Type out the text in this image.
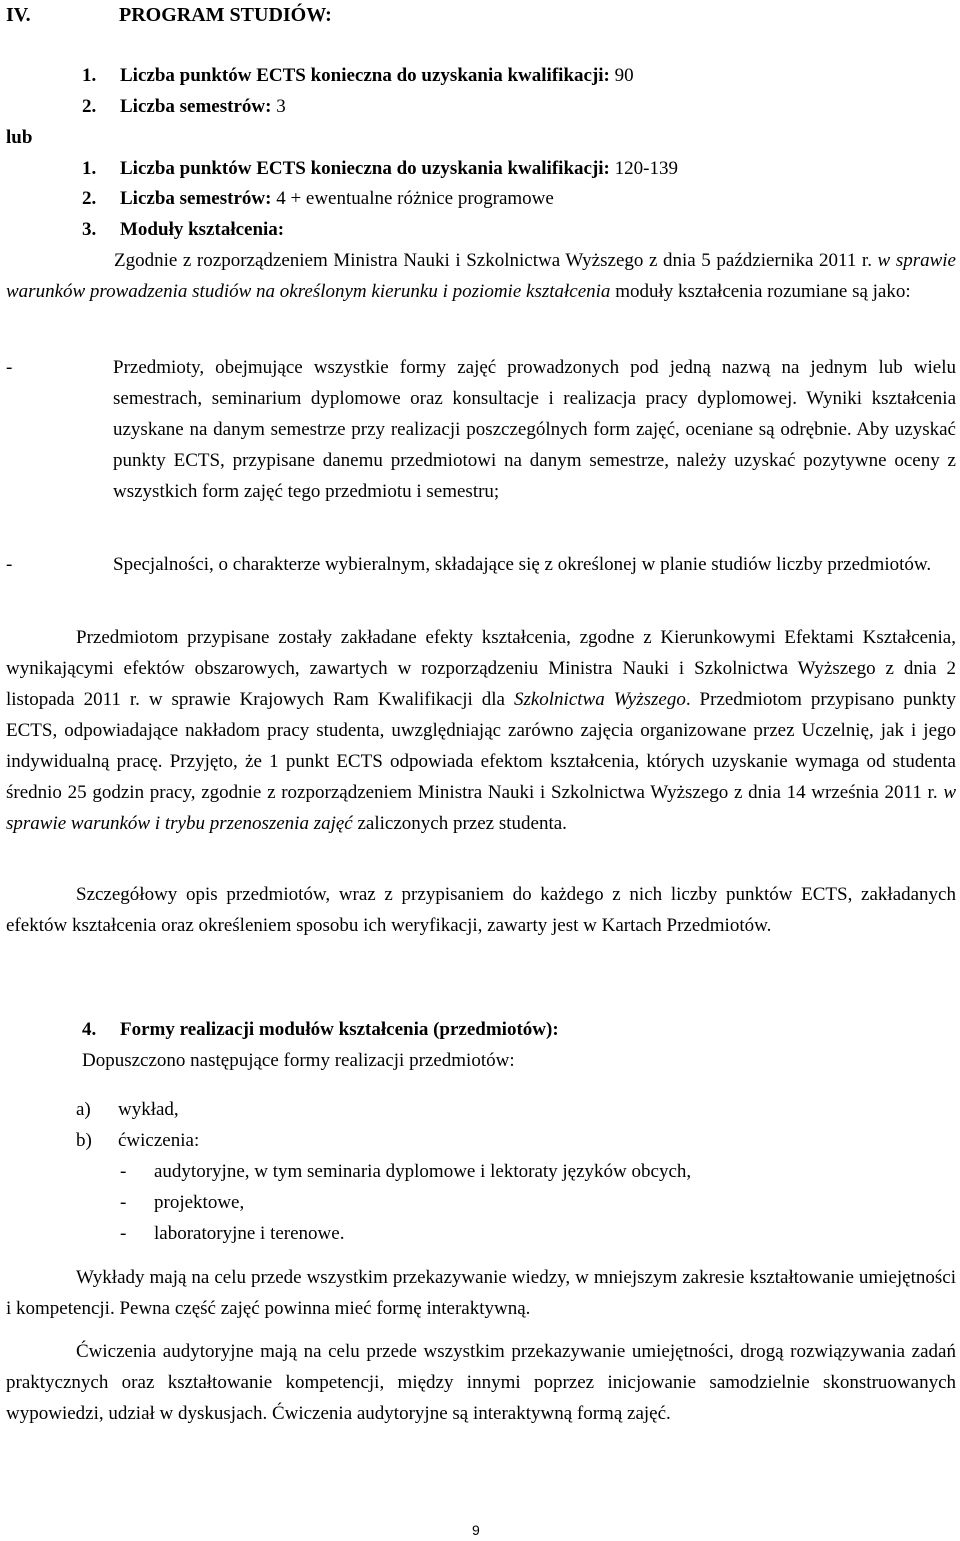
IV.	PROGRAM STUDIÓW:
1. Liczba punktów ECTS konieczna do uzyskania kwalifikacji: 90
2. Liczba semestrów: 3
lub
1. Liczba punktów ECTS konieczna do uzyskania kwalifikacji: 120-139
2. Liczba semestrów: 4 + ewentualne różnice programowe
3. Moduły kształcenia:

Zgodnie z rozporządzeniem Ministra Nauki i Szkolnictwa Wyższego z dnia 5 października 2011 r. w sprawie warunków prowadzenia studiów na określonym kierunku i poziomie kształcenia moduły kształcenia rozumiane są jako:

-	Przedmioty, obejmujące wszystkie formy zajęć prowadzonych pod jedną nazwą na jednym lub wielu semestrach, seminarium dyplomowe oraz konsultacje i realizacja pracy dyplomowej. Wyniki kształcenia uzyskane na danym semestrze przy realizacji poszczególnych form zajęć, oceniane są odrębnie. Aby uzyskać punkty ECTS, przypisane danemu przedmiotowi na danym semestrze, należy uzyskać pozytywne oceny z wszystkich form zajęć tego przedmiotu i semestru;
-	Specjalności, o charakterze wybieralnym, składające się z określonej w planie studiów liczby przedmiotów.

Przedmiotom przypisane zostały zakładane efekty kształcenia, zgodne z Kierunkowymi Efektami Kształcenia, wynikającymi efektów obszarowych, zawartych w rozporządzeniu Ministra Nauki i Szkolnictwa Wyższego z dnia 2 listopada 2011 r. w sprawie Krajowych Ram Kwalifikacji dla Szkolnictwa Wyższego. Przedmiotom przypisano punkty ECTS, odpowiadające nakładom pracy studenta, uwzględniając zarówno zajęcia organizowane przez Uczelnię, jak i jego indywidualną pracę. Przyjęto, że 1 punkt ECTS odpowiada efektom kształcenia, których uzyskanie wymaga od studenta średnio 25 godzin pracy, zgodnie z rozporządzeniem Ministra Nauki i Szkolnictwa Wyższego z dnia 14 września 2011 r. w sprawie warunków i trybu przenoszenia zajęć zaliczonych przez studenta.

Szczegółowy opis przedmiotów, wraz z przypisaniem do każdego z nich liczby punktów ECTS, zakładanych efektów kształcenia oraz określeniem sposobu ich weryfikacji, zawarty jest w Kartach Przedmiotów.

4. Formy realizacji modułów kształcenia (przedmiotów):
Dopuszczono następujące formy realizacji przedmiotów:
a) wykład,
b) ćwiczenia:
- audytoryjne, w tym seminaria dyplomowe i lektoraty języków obcych,
- projektowe,
- laboratoryjne i terenowe.

Wykłady mają na celu przede wszystkim przekazywanie wiedzy, w mniejszym zakresie kształtowanie umiejętności i kompetencji. Pewna część zajęć powinna mieć formę interaktywną.

Ćwiczenia audytoryjne mają na celu przede wszystkim przekazywanie umiejętności, drogą rozwiązywania zadań praktycznych oraz kształtowanie kompetencji, między innymi poprzez inicjowanie samodzielnie skonstruowanych wypowiedzi, udział w dyskusjach. Ćwiczenia audytoryjne są interaktywną formą zajęć.

9
